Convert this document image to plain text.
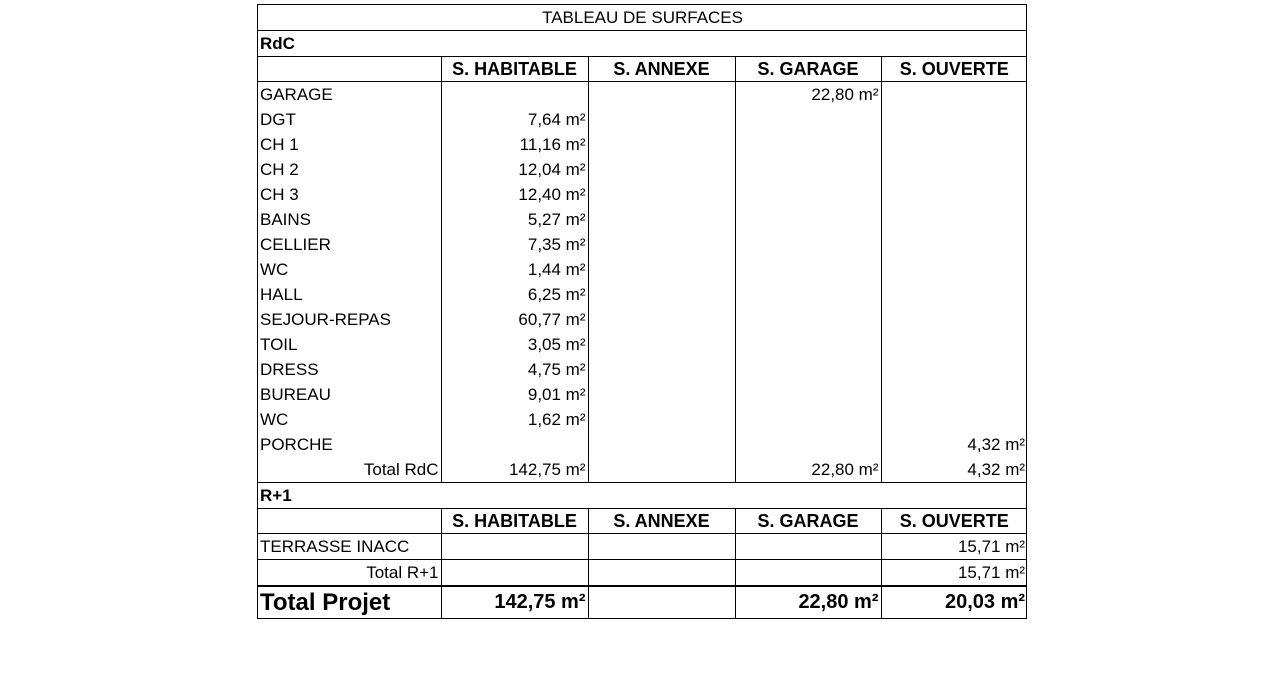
TABLEAU DE SURFACES				
RdC				
	S. HABITABLE	S. ANNEXE	S. GARAGE	S. OUVERTE
GARAGE			22,80 m²	
DGT	7,64 m²			
CH 1	11,16 m²			
CH 2	12,04 m²			
CH 3	12,40 m²			
BAINS	5,27 m²			
CELLIER	7,35 m²			
WC	1,44 m²			
HALL	6,25 m²			
SEJOUR-REPAS	60,77 m²			
TOIL	3,05 m²			
DRESS	4,75 m²			
BUREAU	9,01 m²			
WC	1,62 m²			
PORCHE				4,32 m²
Total RdC	142,75 m²		22,80 m²	4,32 m²
R+1				
	S. HABITABLE	S. ANNEXE	S. GARAGE	S. OUVERTE
TERRASSE INACC				15,71 m²
Total R+1				15,71 m²
Total Projet	142,75 m²		22,80 m²	20,03 m²
